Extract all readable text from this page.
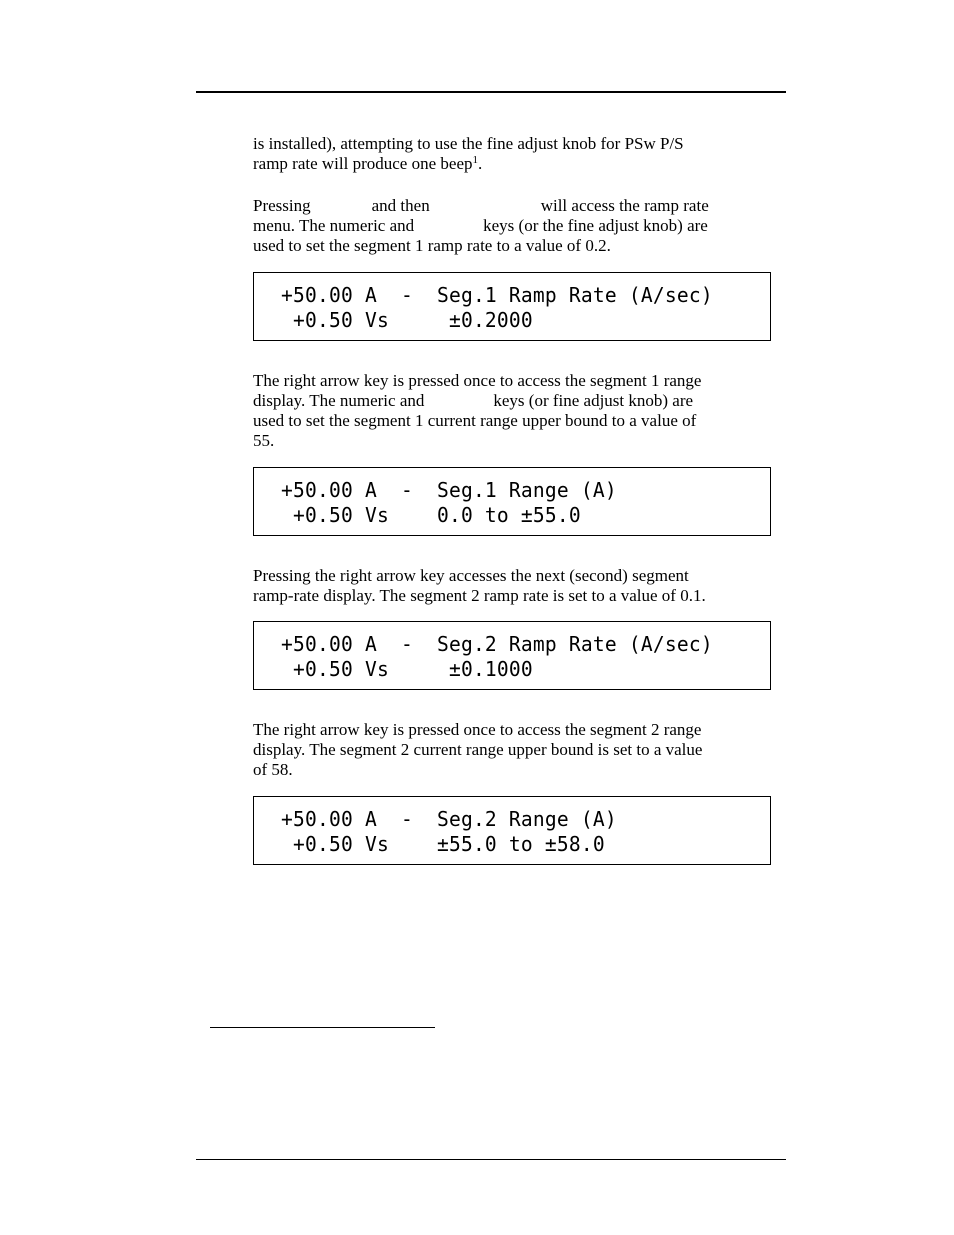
is installed), attempting to use the fine adjust knob for PSw P/S
ramp rate will produce one beep$^1$.

Pressing	and then	will access the ramp rate
menu. The numeric and	keys (or the fine adjust knob) are
used to set the segment 1 ramp rate to a value of 0.2.

+50.00 A  -  Seg.1 Ramp Rate (A/sec)
+0.50 Vs     ±0.2000

The right arrow key is pressed once to access the segment 1 range
display. The numeric and	keys (or fine adjust knob) are
used to set the segment 1 current range upper bound to a value of
55.

+50.00 A  -  Seg.1 Range (A)
+0.50 Vs    0.0 to ±55.0

Pressing the right arrow key accesses the next (second) segment
ramp-rate display. The segment 2 ramp rate is set to a value of 0.1.

+50.00 A  -  Seg.2 Ramp Rate (A/sec)
+0.50 Vs     ±0.1000

The right arrow key is pressed once to access the segment 2 range
display. The segment 2 current range upper bound is set to a value
of 58.

+50.00 A  -  Seg.2 Range (A)
+0.50 Vs    ±55.0 to ±58.0
